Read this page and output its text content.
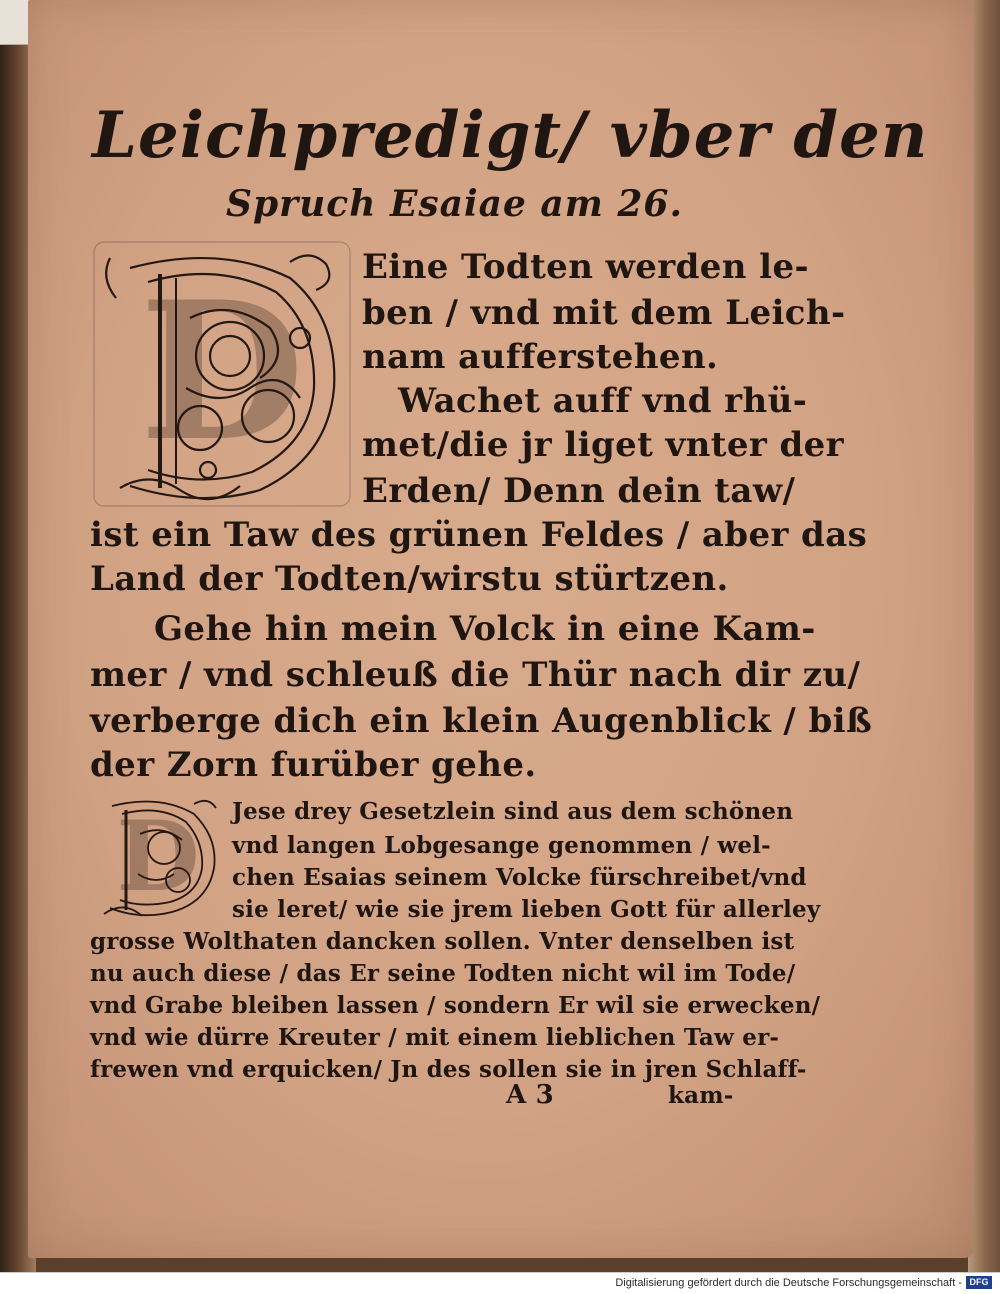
Leichpredigt/ vber den
Spruch Esaiae am 26.
D Eine Todten werden le-
ben / vnd mit dem Leich-
nam aufferstehen.
Wachet auff vnd rhü-
met/die jr liget vnter der
Erden/ Denn dein taw/
ist ein Taw des grünen Feldes / aber das
Land der Todten/wirstu stürtzen.
Gehe hin mein Volck in eine Kam-
mer / vnd schleuß die Thür nach dir zu/
verberge dich ein klein Augenblick / biß
der Zorn furüber gehe.
D Jese drey Gesetzlein sind aus dem schönen
vnd langen Lobgesange genommen / wel-
chen Esaias seinem Volcke fürschreibet/vnd
sie leret/ wie sie jrem lieben Gott für allerley
grosse Wolthaten dancken sollen. Vnter denselben ist
nu auch diese / das Er seine Todten nicht wil im Tode/
vnd Grabe bleiben lassen / sondern Er wil sie erwecken/
vnd wie dürre Kreuter / mit einem lieblichen Taw er-
frewen vnd erquicken/ Jn des sollen sie in jren Schlaff-
A 3	kam-
Digitalisierung gefördert durch die Deutsche Forschungsgemeinschaft - DFG
